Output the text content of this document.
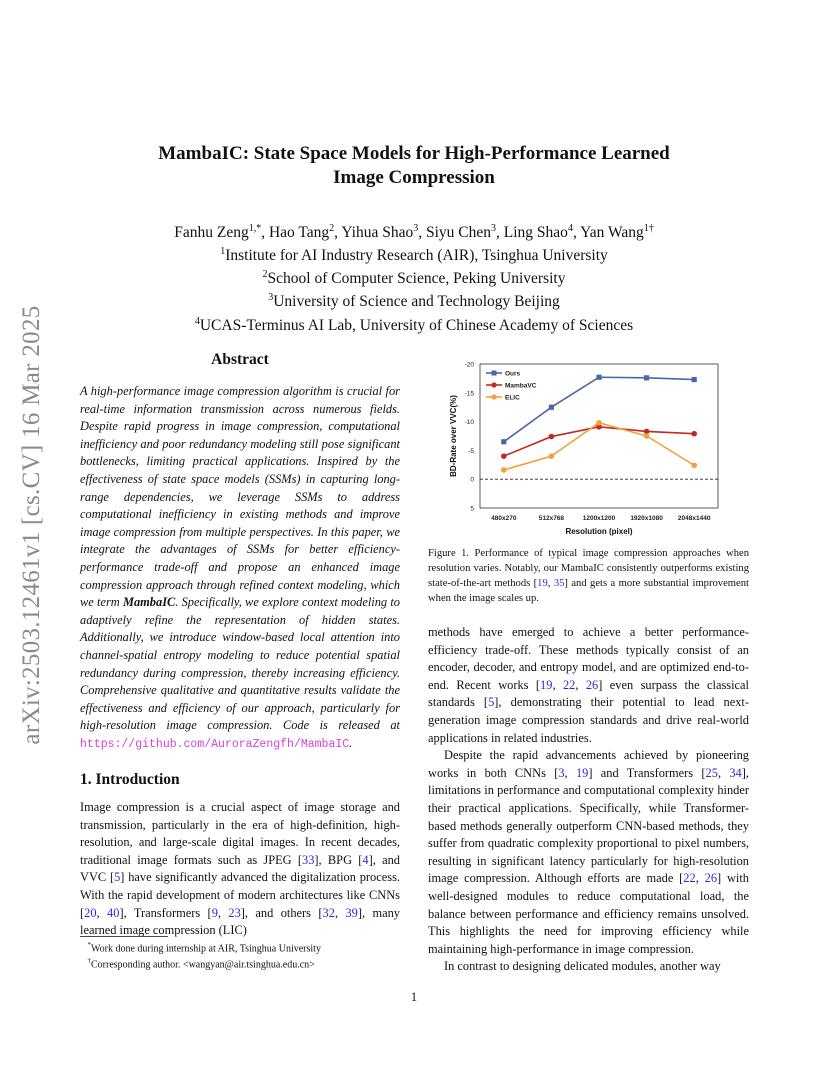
arXiv:2503.12461v1 [cs.CV] 16 Mar 2025
MambaIC: State Space Models for High-Performance Learned
Image Compression
Fanhu Zeng$^{1,*}$, Hao Tang$^2$, Yihua Shao$^3$, Siyu Chen$^3$, Ling Shao$^4$, Yan Wang$^{1\dagger}$
$^1$Institute for AI Industry Research (AIR), Tsinghua University
$^2$School of Computer Science, Peking University
$^3$University of Science and Technology Beijing
$^4$UCAS-Terminus AI Lab, University of Chinese Academy of Sciences
Abstract
A high-performance image compression algorithm is crucial for real-time information transmission across numerous fields. Despite rapid progress in image compression, computational inefficiency and poor redundancy modeling still pose significant bottlenecks, limiting practical applications. Inspired by the effectiveness of state space models (SSMs) in capturing long-range dependencies, we leverage SSMs to address computational inefficiency in existing methods and improve image compression from multiple perspectives. In this paper, we integrate the advantages of SSMs for better efficiency-performance trade-off and propose an enhanced image compression approach through refined context modeling, which we term MambaIC. Specifically, we explore context modeling to adaptively refine the representation of hidden states. Additionally, we introduce window-based local attention into channel-spatial entropy modeling to reduce potential spatial redundancy during compression, thereby increasing efficiency. Comprehensive qualitative and quantitative results validate the effectiveness and efficiency of our approach, particularly for high-resolution image compression. Code is released at https://github.com/AuroraZengfh/MambaIC.
1. Introduction
Image compression is a crucial aspect of image storage and transmission, particularly in the era of high-definition, high-resolution, and large-scale digital images. In recent decades, traditional image formats such as JPEG [33], BPG [4], and VVC [5] have significantly advanced the digitalization process. With the rapid development of modern architectures like CNNs [20, 40], Transformers [9, 23], and others [32, 39], many learned image compression (LIC)
*Work done during internship at AIR, Tsinghua University
†Corresponding author. <wangyan@air.tsinghua.edu.cn>
-20
-15
-10
-5
0
5
480x270	512x768	1200x1200 1920x1080 2048x1440
Resolution (pixel)
BD-Rate over VVC(%)
Ours
MambaVC
ELIC
Figure 1. Performance of typical image compression approaches when resolution varies. Notably, our MambaIC consistently outperforms existing state-of-the-art methods [19, 35] and gets a more substantial improvement when the image scales up.

methods have emerged to achieve a better performance-efficiency trade-off. These methods typically consist of an encoder, decoder, and entropy model, and are optimized end-to-end. Recent works [19, 22, 26] even surpass the classical standards [5], demonstrating their potential to lead next-generation image compression standards and drive real-world applications in related industries.

Despite the rapid advancements achieved by pioneering works in both CNNs [3, 19] and Transformers [25, 34], limitations in performance and computational complexity hinder their practical applications. Specifically, while Transformer-based methods generally outperform CNN-based methods, they suffer from quadratic complexity proportional to pixel numbers, resulting in significant latency particularly for high-resolution image compression. Although efforts are made [22, 26] with well-designed modules to reduce computational load, the balance between performance and efficiency remains unsolved. This highlights the need for improving efficiency while maintaining high-performance in image compression.

In contrast to designing delicated modules, another way

1
